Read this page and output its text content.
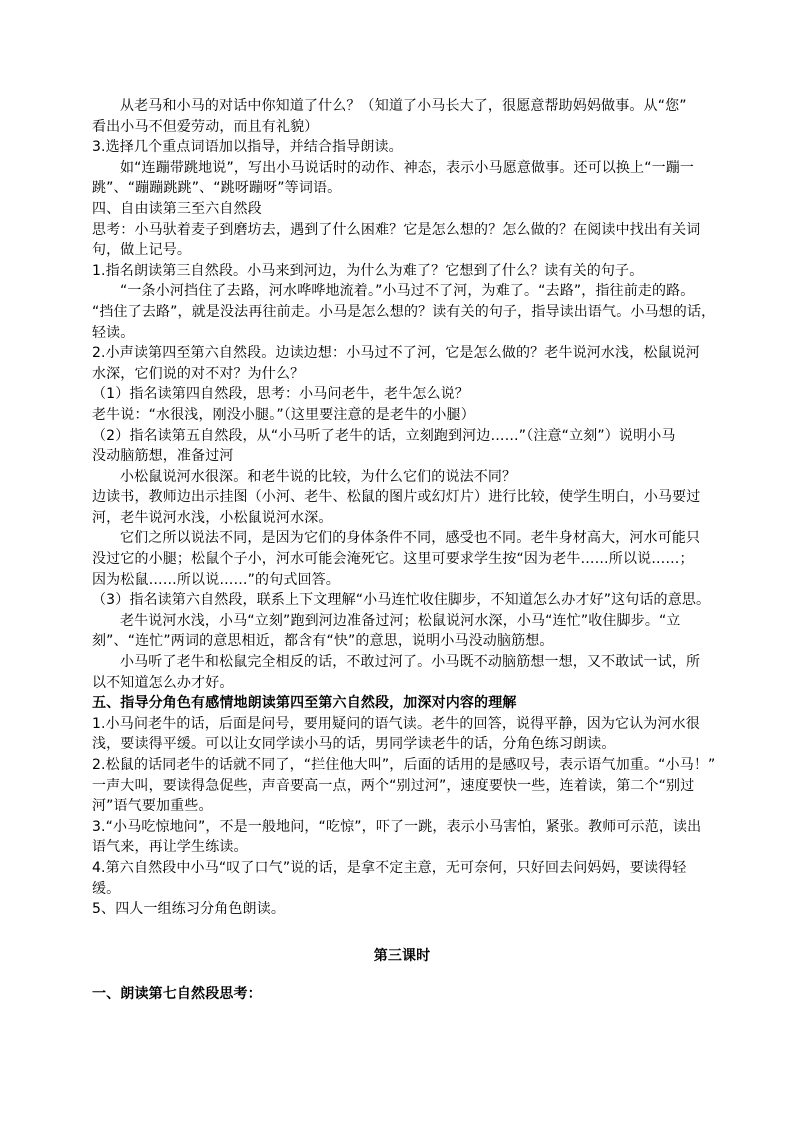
从老马和小马的对话中你知道了什么？（知道了小马长大了，很愿意帮助妈妈做事。从“您”
看出小马不但爱劳动，而且有礼貌）
3.选择几个重点词语加以指导，并结合指导朗读。
如“连蹦带跳地说”，写出小马说话时的动作、神态，表示小马愿意做事。还可以换上“一蹦一
跳”、“蹦蹦跳跳”、“跳呀蹦呀”等词语。
四、自由读第三至六自然段
思考：小马驮着麦子到磨坊去，遇到了什么困难？它是怎么想的？怎么做的？在阅读中找出有关词
句，做上记号。
1.指名朗读第三自然段。小马来到河边，为什么为难了？它想到了什么？读有关的句子。
“一条小河挡住了去路，河水哗哗地流着。”小马过不了河，为难了。“去路”，指往前走的路。
“挡住了去路”，就是没法再往前走。小马是怎么想的？读有关的句子，指导读出语气。小马想的话，
轻读。
2.小声读第四至第六自然段。边读边想：小马过不了河，它是怎么做的？老牛说河水浅，松鼠说河
水深，它们说的对不对？为什么？
（1）指名读第四自然段，思考：小马问老牛，老牛怎么说？
老牛说：“水很浅，刚没小腿。”（这里要注意的是老牛的小腿）
（2）指名读第五自然段，从“小马听了老牛的话，立刻跑到河边……”（注意“立刻”）说明小马
没动脑筋想，准备过河
小松鼠说河水很深。和老牛说的比较，为什么它们的说法不同？
边读书，教师边出示挂图（小河、老牛、松鼠的图片或幻灯片）进行比较，使学生明白，小马要过
河，老牛说河水浅，小松鼠说河水深。
它们之所以说法不同，是因为它们的身体条件不同，感受也不同。老牛身材高大，河水可能只
没过它的小腿；松鼠个子小，河水可能会淹死它。这里可要求学生按“因为老牛……所以说……；
因为松鼠……所以说……”的句式回答。
（3）指名读第六自然段，联系上下文理解“小马连忙收住脚步，不知道怎么办才好”这句话的意思。
老牛说河水浅，小马“立刻”跑到河边准备过河；松鼠说河水深，小马“连忙”收住脚步。“立
刻”、“连忙”两词的意思相近，都含有“快”的意思，说明小马没动脑筋想。
小马听了老牛和松鼠完全相反的话，不敢过河了。小马既不动脑筋想一想，又不敢试一试，所
以不知道怎么办才好。
五、指导分角色有感情地朗读第四至第六自然段，加深对内容的理解
1.小马问老牛的话，后面是问号，要用疑问的语气读。老牛的回答，说得平静，因为它认为河水很
浅，要读得平缓。可以让女同学读小马的话，男同学读老牛的话，分角色练习朗读。
2.松鼠的话同老牛的话就不同了，“拦住他大叫”，后面的话用的是感叹号，表示语气加重。“小马！”
一声大叫，要读得急促些，声音要高一点，两个“别过河”，速度要快一些，连着读，第二个“别过
河”语气要加重些。
3.“小马吃惊地问”，不是一般地问，“吃惊”，吓了一跳，表示小马害怕，紧张。教师可示范，读出
语气来，再让学生练读。
4.第六自然段中小马“叹了口气”说的话，是拿不定主意，无可奈何，只好回去问妈妈，要读得轻
缓。
5、四人一组练习分角色朗读。
第三课时
一、朗读第七自然段思考：
